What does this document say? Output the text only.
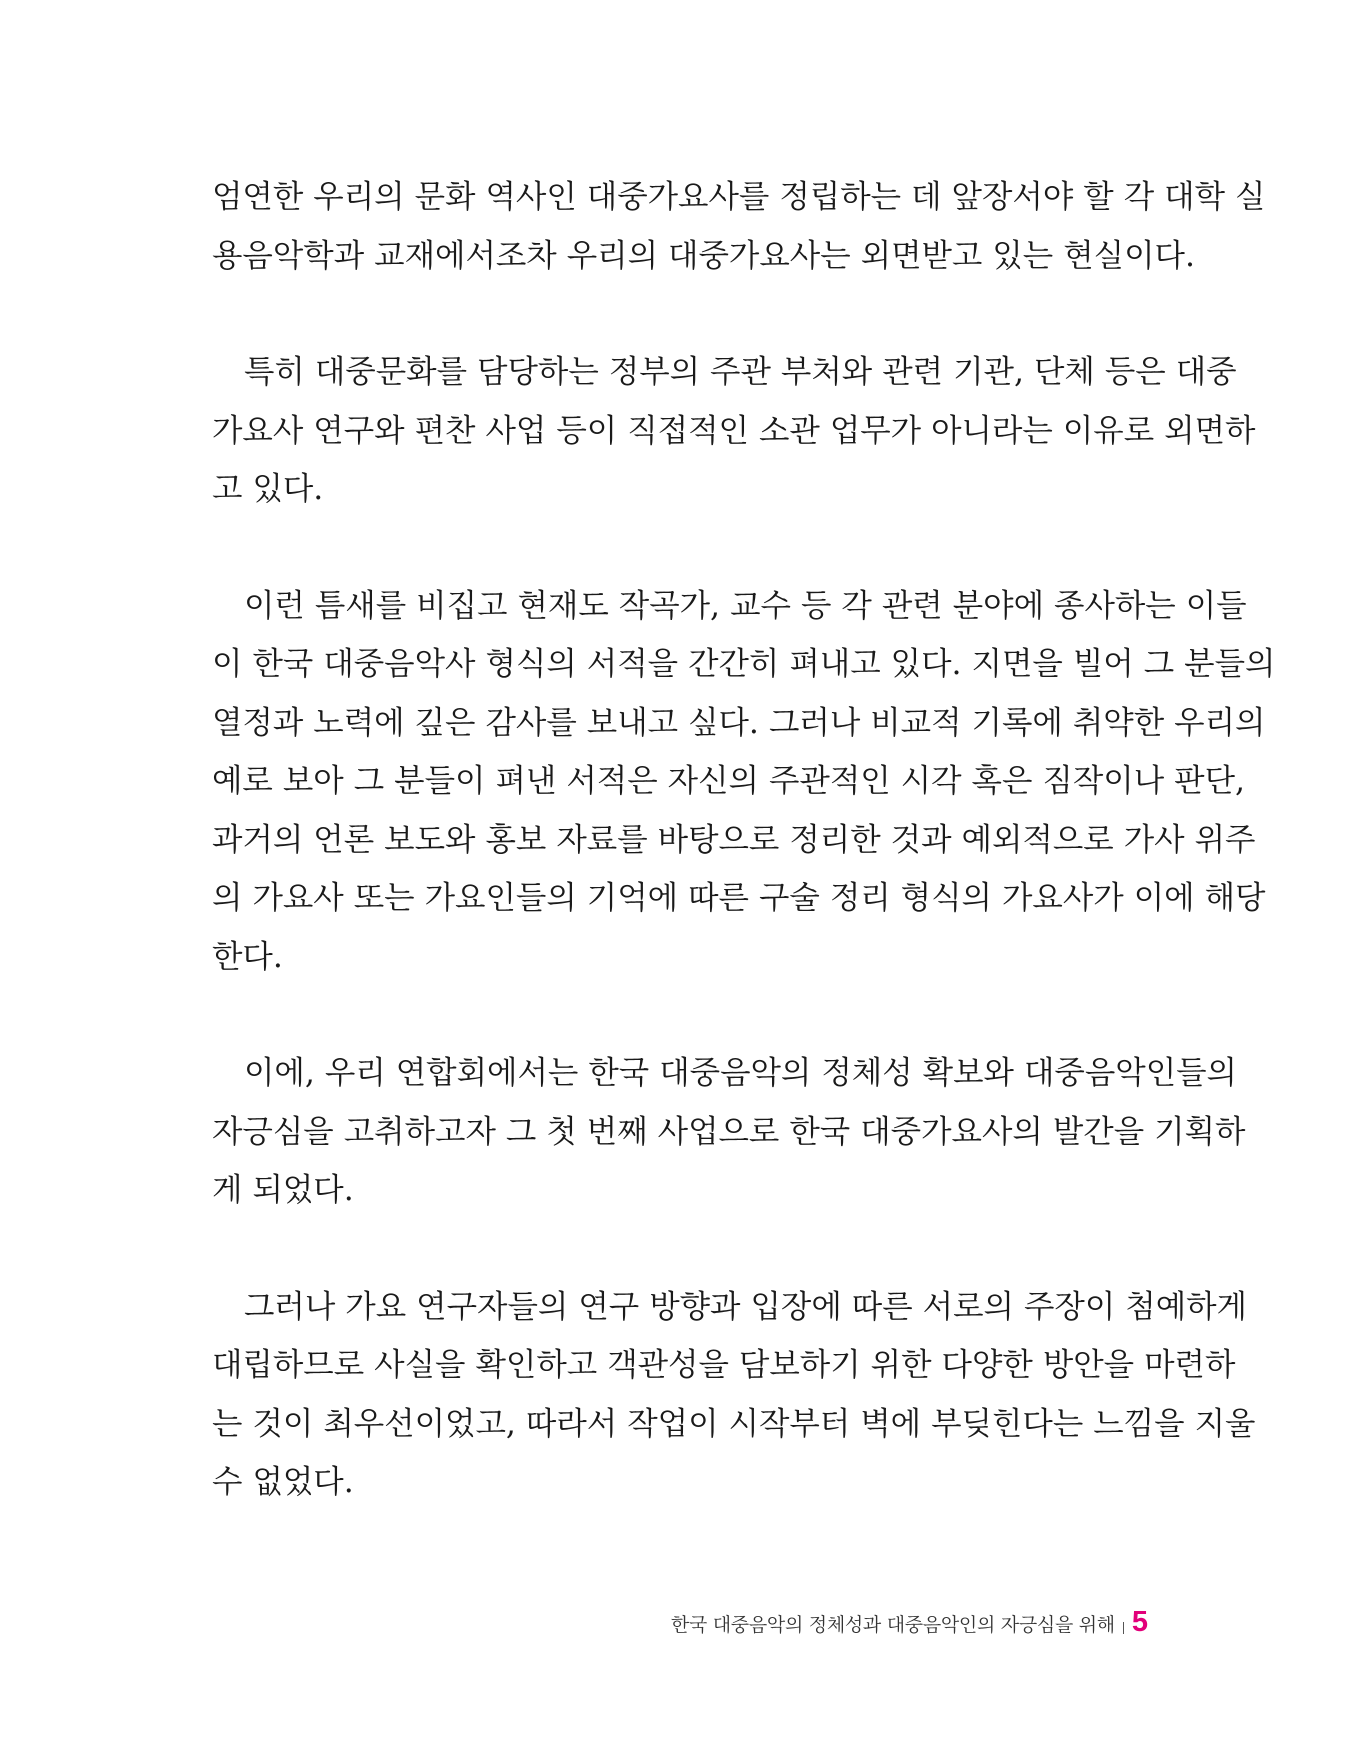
엄연한 우리의 문화 역사인 대중가요사를 정립하는 데 앞장서야 할 각 대학 실
용음악학과 교재에서조차 우리의 대중가요사는 외면받고 있는 현실이다.
특히 대중문화를 담당하는 정부의 주관 부처와 관련 기관, 단체 등은 대중
가요사 연구와 편찬 사업 등이 직접적인 소관 업무가 아니라는 이유로 외면하
고 있다.
이런 틈새를 비집고 현재도 작곡가, 교수 등 각 관련 분야에 종사하는 이들
이 한국 대중음악사 형식의 서적을 간간히 펴내고 있다. 지면을 빌어 그 분들의
열정과 노력에 깊은 감사를 보내고 싶다. 그러나 비교적 기록에 취약한 우리의
예로 보아 그 분들이 펴낸 서적은 자신의 주관적인 시각 혹은 짐작이나 판단,
과거의 언론 보도와 홍보 자료를 바탕으로 정리한 것과 예외적으로 가사 위주
의 가요사 또는 가요인들의 기억에 따른 구술 정리 형식의 가요사가 이에 해당
한다.
이에, 우리 연합회에서는 한국 대중음악의 정체성 확보와 대중음악인들의
자긍심을 고취하고자 그 첫 번째 사업으로 한국 대중가요사의 발간을 기획하
게 되었다.
그러나 가요 연구자들의 연구 방향과 입장에 따른 서로의 주장이 첨예하게
대립하므로 사실을 확인하고 객관성을 담보하기 위한 다양한 방안을 마련하
는 것이 최우선이었고, 따라서 작업이 시작부터 벽에 부딪힌다는 느낌을 지울
수 없었다.
한국 대중음악의 정체성과 대중음악인의 자긍심을 위해 5
